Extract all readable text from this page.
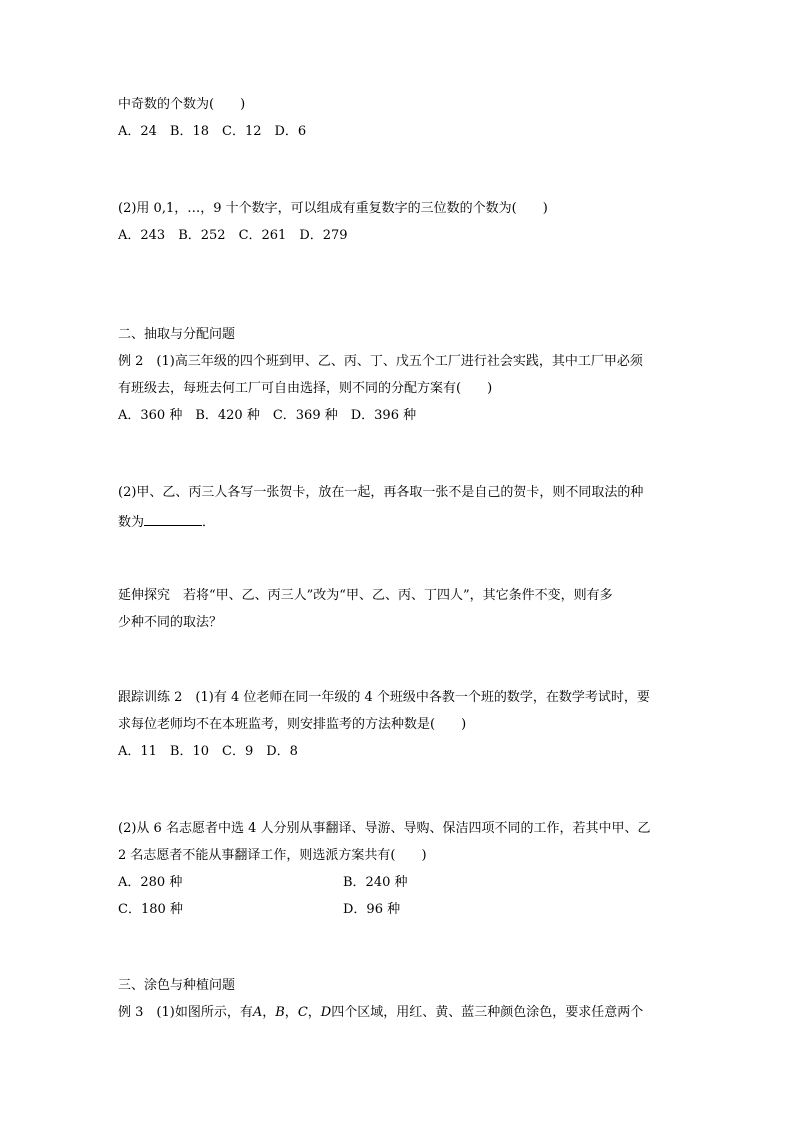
中奇数的个数为(　　)
A．24　B．18　C．12　D．6
(2)用 0,1，…，9 十个数字，可以组成有重复数字的三位数的个数为(　　)
A．243　B．252　C．261　D．279
二、抽取与分配问题
例 2　(1)高三年级的四个班到甲、乙、丙、丁、戊五个工厂进行社会实践，其中工厂甲必须
有班级去，每班去何工厂可自由选择，则不同的分配方案有(　　)
A．360 种　B．420 种　C．369 种　D．396 种
(2)甲、乙、丙三人各写一张贺卡，放在一起，再各取一张不是自己的贺卡，则不同取法的种
数为	．
延伸探究　若将“甲、乙、丙三人”改为“甲、乙、丙、丁四人”，其它条件不变，则有多
少种不同的取法？
跟踪训练 2　(1)有 4 位老师在同一年级的 4 个班级中各教一个班的数学，在数学考试时，要
求每位老师均不在本班监考，则安排监考的方法种数是(　　)
A．11　B．10　C．9　D．8
(2)从 6 名志愿者中选 4 人分别从事翻译、导游、导购、保洁四项不同的工作，若其中甲、乙
2 名志愿者不能从事翻译工作，则选派方案共有(　　)
A．280 种	B．240 种
C．180 种	D．96 种
三、涂色与种植问题
例 3　(1)如图所示，有A，B，C，D四个区域，用红、黄、蓝三种颜色涂色，要求任意两个
